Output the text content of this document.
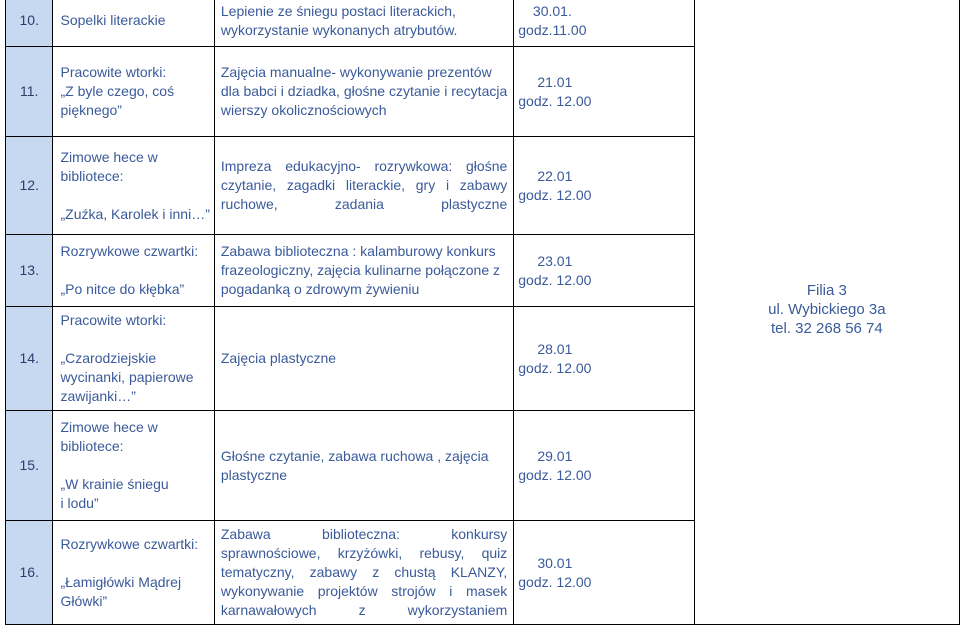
10.	Sopelki literackie	Lepienie ze śniegu postaci literackich,
wykorzystanie wykonanych atrybutów.	30.01.
godz.11.00	Filia 3
ul. Wybickiego 3a
tel. 32 268 56 74

11.	Pracowite wtorki:
„Z byle czego, coś
pięknego”	Zajęcia manualne- wykonywanie prezentów
dla babci i dziadka, głośne czytanie i recytacja
wierszy okolicznościowych	21.01
godz. 12.00	

12.	Zimowe hece w
bibliotece:
„Zuźka, Karolek i inni…”	Impreza edukacyjno- rozrywkowa: głośne
czytanie, zagadki literackie, gry i zabawy
ruchowe, zadania plastyczne	22.01
godz. 12.00	

13.	Rozrywkowe czwartki:
„Po nitce do kłębka”	Zabawa biblioteczna : kalamburowy konkurs
frazeologiczny, zajęcia kulinarne połączone z
pogadanką o zdrowym żywieniu	23.01
godz. 12.00	

14.	Pracowite wtorki:
„Czarodziejskie
wycinanki, papierowe
zawijanki…”	Zajęcia plastyczne	28.01
godz. 12.00	

15.	Zimowe hece w
bibliotece:
„W krainie śniegu
i lodu”	Głośne czytanie, zabawa ruchowa , zajęcia
plastyczne	29.01
godz. 12.00	

16.	Rozrywkowe czwartki:
„Łamigłówki Mądrej
Główki”	Zabawa biblioteczna: konkursy
sprawnościowe, krzyżówki, rebusy, quiz
tematyczny, zabawy z chustą KLANZY,
wykonywanie projektów strojów i masek
karnawałowych z wykorzystaniem	30.01
godz. 12.00	
